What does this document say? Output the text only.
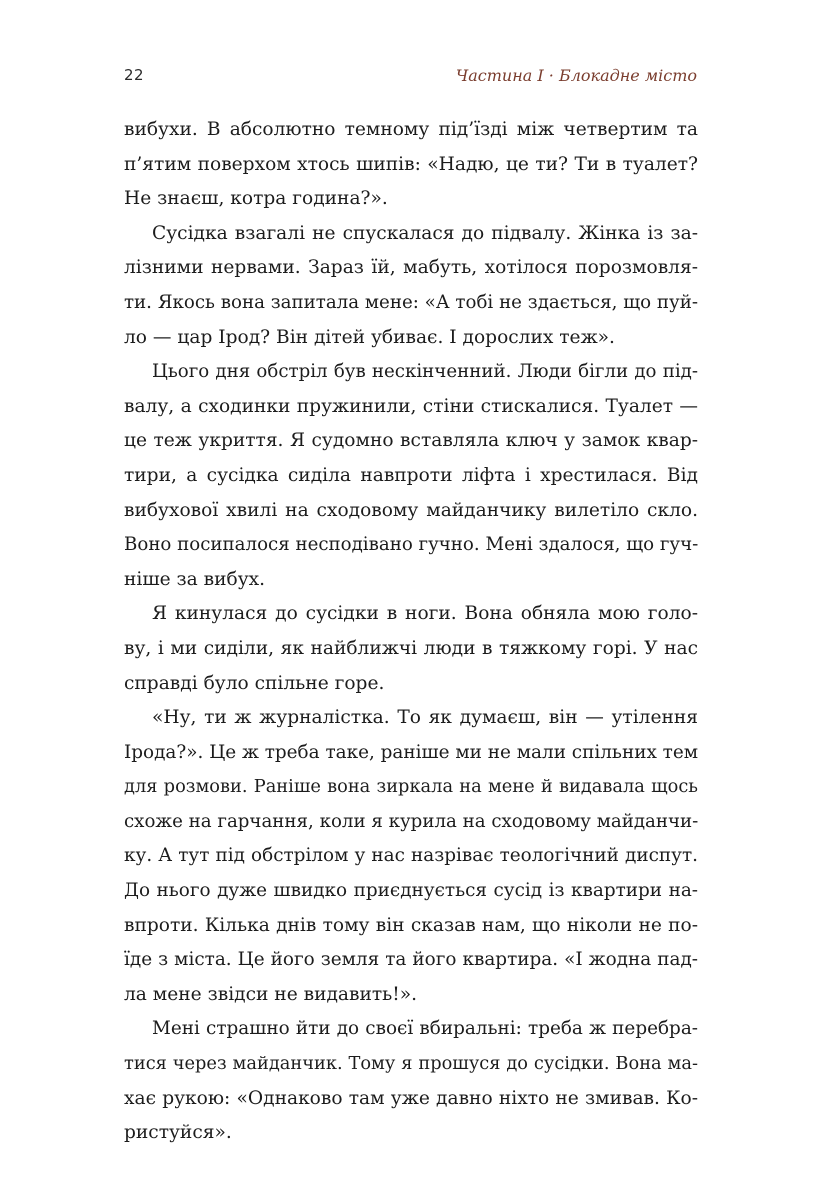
22	Частина І · Блокадне місто
вибухи. В абсолютно темному під’їзді між четвертим та
п’ятим поверхом хтось шипів: «Надю, це ти? Ти в туалет?
Не знаєш, котра година?».
Сусідка взагалі не спускалася до підвалу. Жінка із за-
лізними нервами. Зараз їй, мабуть, хотілося порозмовля-
ти. Якось вона запитала мене: «А тобі не здається, що пуй-
ло — цар Ірод? Він дітей убиває. І дорослих теж».
Цього дня обстріл був нескінченний. Люди бігли до під-
валу, а сходинки пружинили, стіни стискалися. Туалет —
це теж укриття. Я судомно вставляла ключ у замок квар-
тири, а сусідка сиділа навпроти ліфта і хрестилася. Від
вибухової хвилі на сходовому майданчику вилетіло скло.
Воно посипалося несподівано гучно. Мені здалося, що гуч-
ніше за вибух.
Я кинулася до сусідки в ноги. Вона обняла мою голо-
ву, і ми сиділи, як найближчі люди в тяжкому горі. У нас
справді було спільне горе.
«Ну, ти ж журналістка. То як думаєш, він — утілення
Ірода?». Це ж треба таке, раніше ми не мали спільних тем
для розмови. Раніше вона зиркала на мене й видавала щось
схоже на гарчання, коли я курила на сходовому майданчи-
ку. А тут під обстрілом у нас назріває теологічний диспут.
До нього дуже швидко приєднується сусід із квартири на-
впроти. Кілька днів тому він сказав нам, що ніколи не по-
їде з міста. Це його земля та його квартира. «І жодна пад-
ла мене звідси не видавить!».
Мені страшно йти до своєї вбиральні: треба ж перебра-
тися через майданчик. Тому я прошуся до сусідки. Вона ма-
хає рукою: «Однаково там уже давно ніхто не змивав. Ко-
ристуйся».
